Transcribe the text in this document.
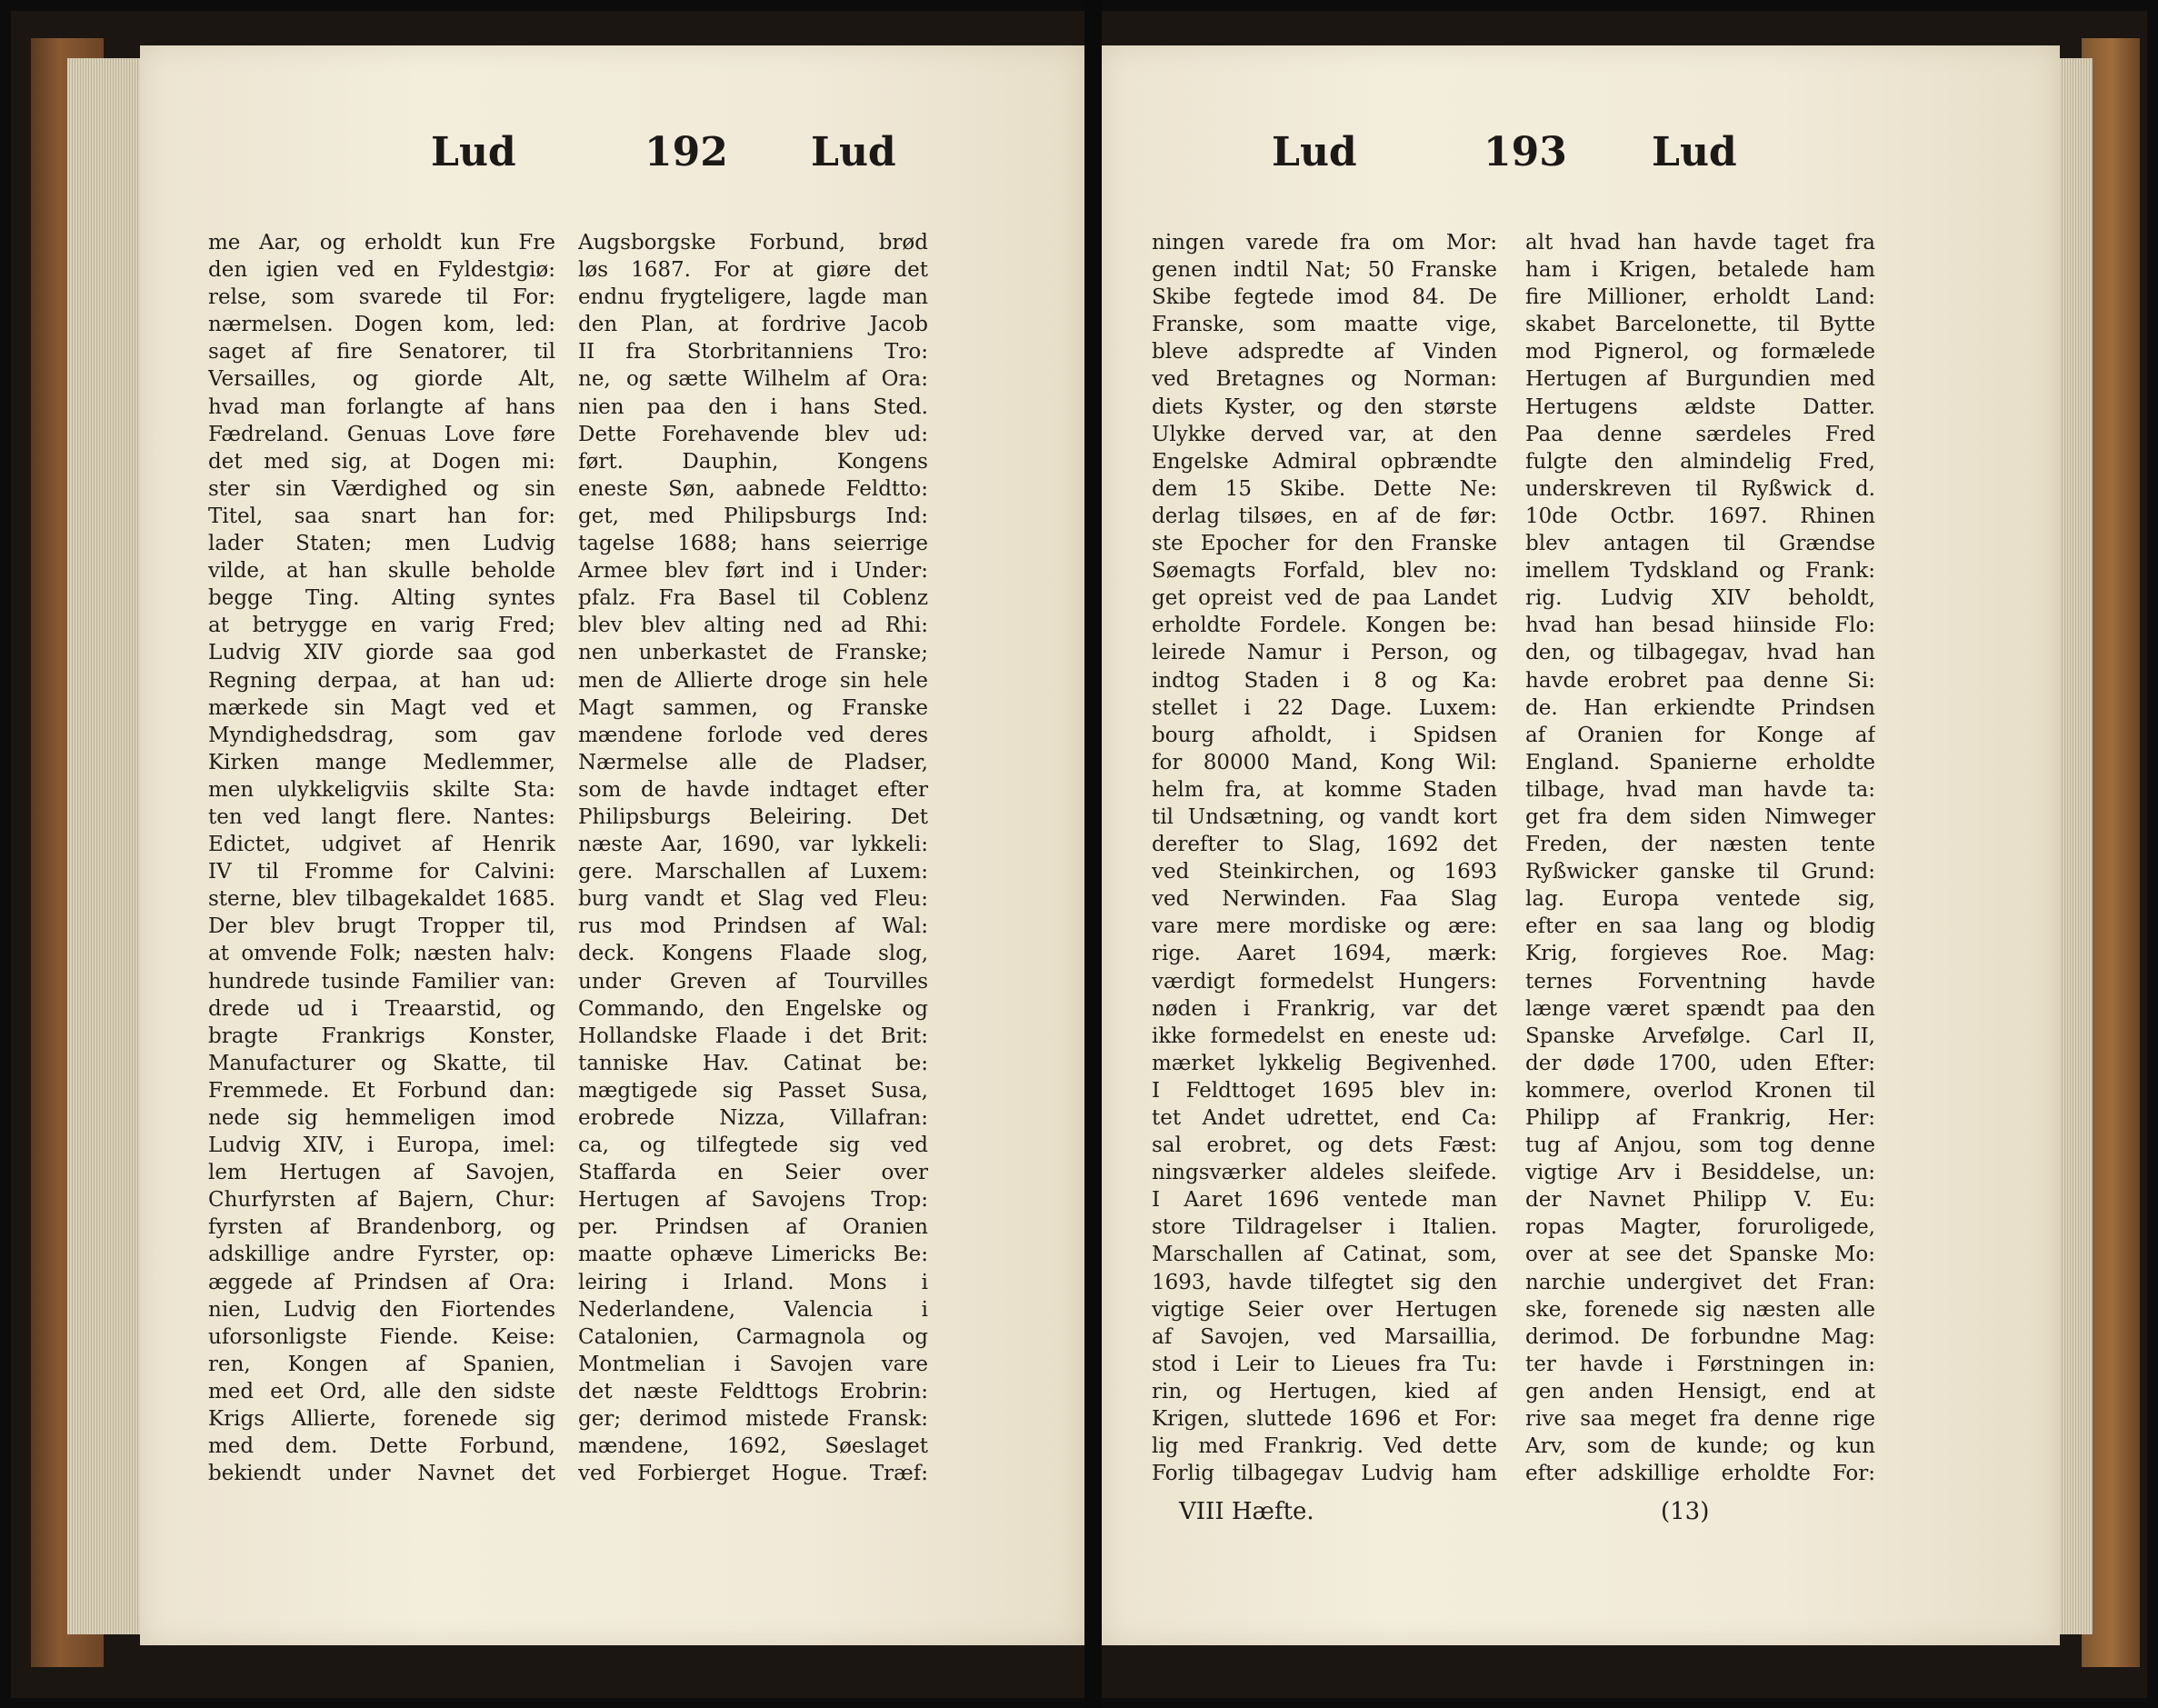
Lud	192 Lud
me Aar, og erholdt kun Fre
den igien ved en Fyldestgiø:
relse, som svarede til For:
nærmelsen. Dogen kom, led:
saget af fire Senatorer, til
Versailles, og giorde Alt,
hvad man forlangte af hans
Fædreland. Genuas Love føre
det med sig, at Dogen mi:
ster sin Værdighed og sin
Titel, saa snart han for:
lader Staten; men Ludvig
vilde, at han skulle beholde
begge Ting. Alting syntes
at betrygge en varig Fred;
Ludvig XIV giorde saa god
Regning derpaa, at han ud:
mærkede sin Magt ved et
Myndighedsdrag, som gav
Kirken mange Medlemmer,
men ulykkeligviis skilte Sta:
ten ved langt flere. Nantes:
Edictet, udgivet af Henrik
IV til Fromme for Calvini:
sterne, blev tilbagekaldet 1685.
Der blev brugt Tropper til,
at omvende Folk; næsten halv:
hundrede tusinde Familier van:
drede ud i Treaarstid, og
bragte Frankrigs Konster,
Manufacturer og Skatte, til
Fremmede. Et Forbund dan:
nede sig hemmeligen imod
Ludvig XIV, i Europa, imel:
lem Hertugen af Savojen,
Churfyrsten af Bajern, Chur:
fyrsten af Brandenborg, og
adskillige andre Fyrster, op:
æggede af Prindsen af Ora:
nien, Ludvig den Fiortendes
uforsonligste Fiende. Keise:
ren, Kongen af Spanien,
med eet Ord, alle den sidste
Krigs Allierte, forenede sig
med dem. Dette Forbund,
bekiendt under Navnet det
Augsborgske Forbund, brød
løs 1687. For at giøre det
endnu frygteligere, lagde man
den Plan, at fordrive Jacob
II fra Storbritanniens Tro:
ne, og sætte Wilhelm af Ora:
nien paa den i hans Sted.
Dette Forehavende blev ud:
ført. Dauphin, Kongens
eneste Søn, aabnede Feldtto:
get, med Philipsburgs Ind:
tagelse 1688; hans seierrige
Armee blev ført ind i Under:
pfalz. Fra Basel til Coblenz
blev blev alting ned ad Rhi:
nen unberkastet de Franske;
men de Allierte droge sin hele
Magt sammen, og Franske
mændene forlode ved deres
Nærmelse alle de Pladser,
som de havde indtaget efter
Philipsburgs Beleiring. Det
næste Aar, 1690, var lykkeli:
gere. Marschallen af Luxem:
burg vandt et Slag ved Fleu:
rus mod Prindsen af Wal:
deck. Kongens Flaade slog,
under Greven af Tourvilles
Commando, den Engelske og
Hollandske Flaade i det Brit:
tanniske Hav. Catinat be:
mægtigede sig Passet Susa,
erobrede Nizza, Villafran:
ca, og tilfegtede sig ved
Staffarda en Seier over
Hertugen af Savojens Trop:
per. Prindsen af Oranien
maatte ophæve Limericks Be:
leiring i Irland. Mons i
Nederlandene, Valencia i
Catalonien, Carmagnola og
Montmelian i Savojen vare
det næste Feldttogs Erobrin:
ger; derimod mistede Fransk:
mændene, 1692, Søeslaget
ved Forbierget Hogue. Træf:
Lud	193 Lud
ningen varede fra om Mor:
genen indtil Nat; 50 Franske
Skibe fegtede imod 84. De
Franske, som maatte vige,
bleve adspredte af Vinden
ved Bretagnes og Norman:
diets Kyster, og den største
Ulykke derved var, at den
Engelske Admiral opbrændte
dem 15 Skibe. Dette Ne:
derlag tilsøes, en af de før:
ste Epocher for den Franske
Søemagts Forfald, blev no:
get opreist ved de paa Landet
erholdte Fordele. Kongen be:
leirede Namur i Person, og
indtog Staden i 8 og Ka:
stellet i 22 Dage. Luxem:
bourg afholdt, i Spidsen
for 80000 Mand, Kong Wil:
helm fra, at komme Staden
til Undsætning, og vandt kort
derefter to Slag, 1692 det
ved Steinkirchen, og 1693
ved Nerwinden. Faa Slag
vare mere mordiske og ære:
rige. Aaret 1694, mærk:
værdigt formedelst Hungers:
nøden i Frankrig, var det
ikke formedelst en eneste ud:
mærket lykkelig Begivenhed.
I Feldttoget 1695 blev in:
tet Andet udrettet, end Ca:
sal erobret, og dets Fæst:
ningsværker aldeles sleifede.
I Aaret 1696 ventede man
store Tildragelser i Italien.
Marschallen af Catinat, som,
1693, havde tilfegtet sig den
vigtige Seier over Hertugen
af Savojen, ved Marsaillia,
stod i Leir to Lieues fra Tu:
rin, og Hertugen, kied af
Krigen, sluttede 1696 et For:
lig med Frankrig. Ved dette
Forlig tilbagegav Ludvig ham
alt hvad han havde taget fra
ham i Krigen, betalede ham
fire Millioner, erholdt Land:
skabet Barcelonette, til Bytte
mod Pignerol, og formælede
Hertugen af Burgundien med
Hertugens ældste Datter.
Paa denne særdeles Fred
fulgte den almindelig Fred,
underskreven til Ryßwick d.
10de Octbr. 1697. Rhinen
blev antagen til Grændse
imellem Tydskland og Frank:
rig. Ludvig XIV beholdt,
hvad han besad hiinside Flo:
den, og tilbagegav, hvad han
havde erobret paa denne Si:
de. Han erkiendte Prindsen
af Oranien for Konge af
England. Spanierne erholdte
tilbage, hvad man havde ta:
get fra dem siden Nimweger
Freden, der næsten tente
Ryßwicker ganske til Grund:
lag. Europa ventede sig,
efter en saa lang og blodig
Krig, forgieves Roe. Mag:
ternes Forventning havde
længe været spændt paa den
Spanske Arvefølge. Carl II,
der døde 1700, uden Efter:
kommere, overlod Kronen til
Philipp af Frankrig, Her:
tug af Anjou, som tog denne
vigtige Arv i Besiddelse, un:
der Navnet Philipp V. Eu:
ropas Magter, foruroligede,
over at see det Spanske Mo:
narchie undergivet det Fran:
ske, forenede sig næsten alle
derimod. De forbundne Mag:
ter havde i Førstningen in:
gen anden Hensigt, end at
rive saa meget fra denne rige
Arv, som de kunde; og kun
efter adskillige erholdte For:
VIII Hæfte.	(13)
